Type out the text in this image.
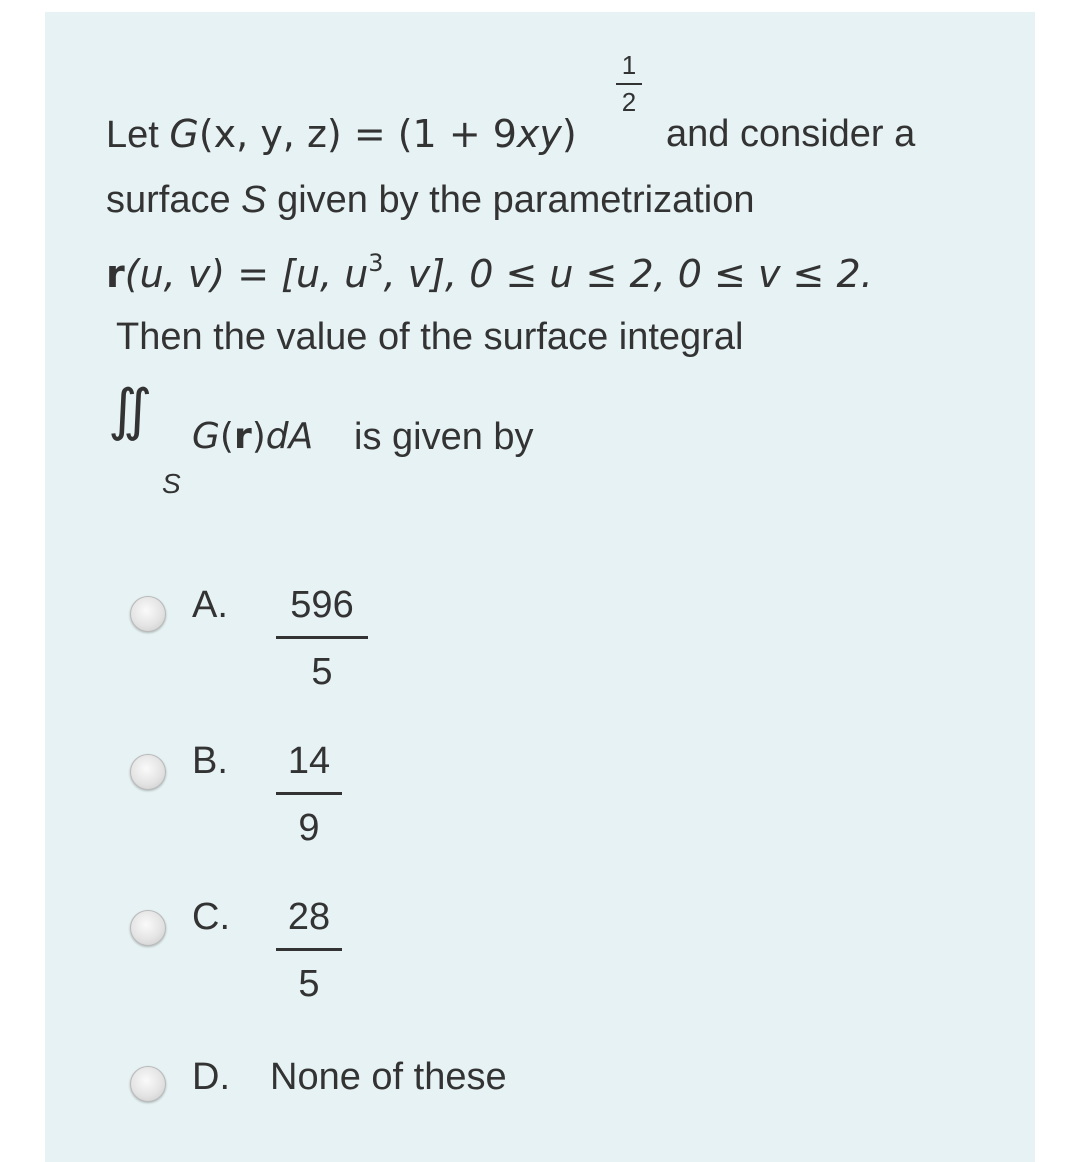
Let G(x, y, z) = (1 + 9xy)
1
2
and consider a
surface S given by the parametrization
r(u, v) = [u, $u^3$, v], 0 ≤ u ≤ 2, 0 ≤ v ≤ 2.
Then the value of the surface integral
∬
S
G(r)dA is given by
A.	596
5
B.	14
9
C.	28
5
D. None of these
